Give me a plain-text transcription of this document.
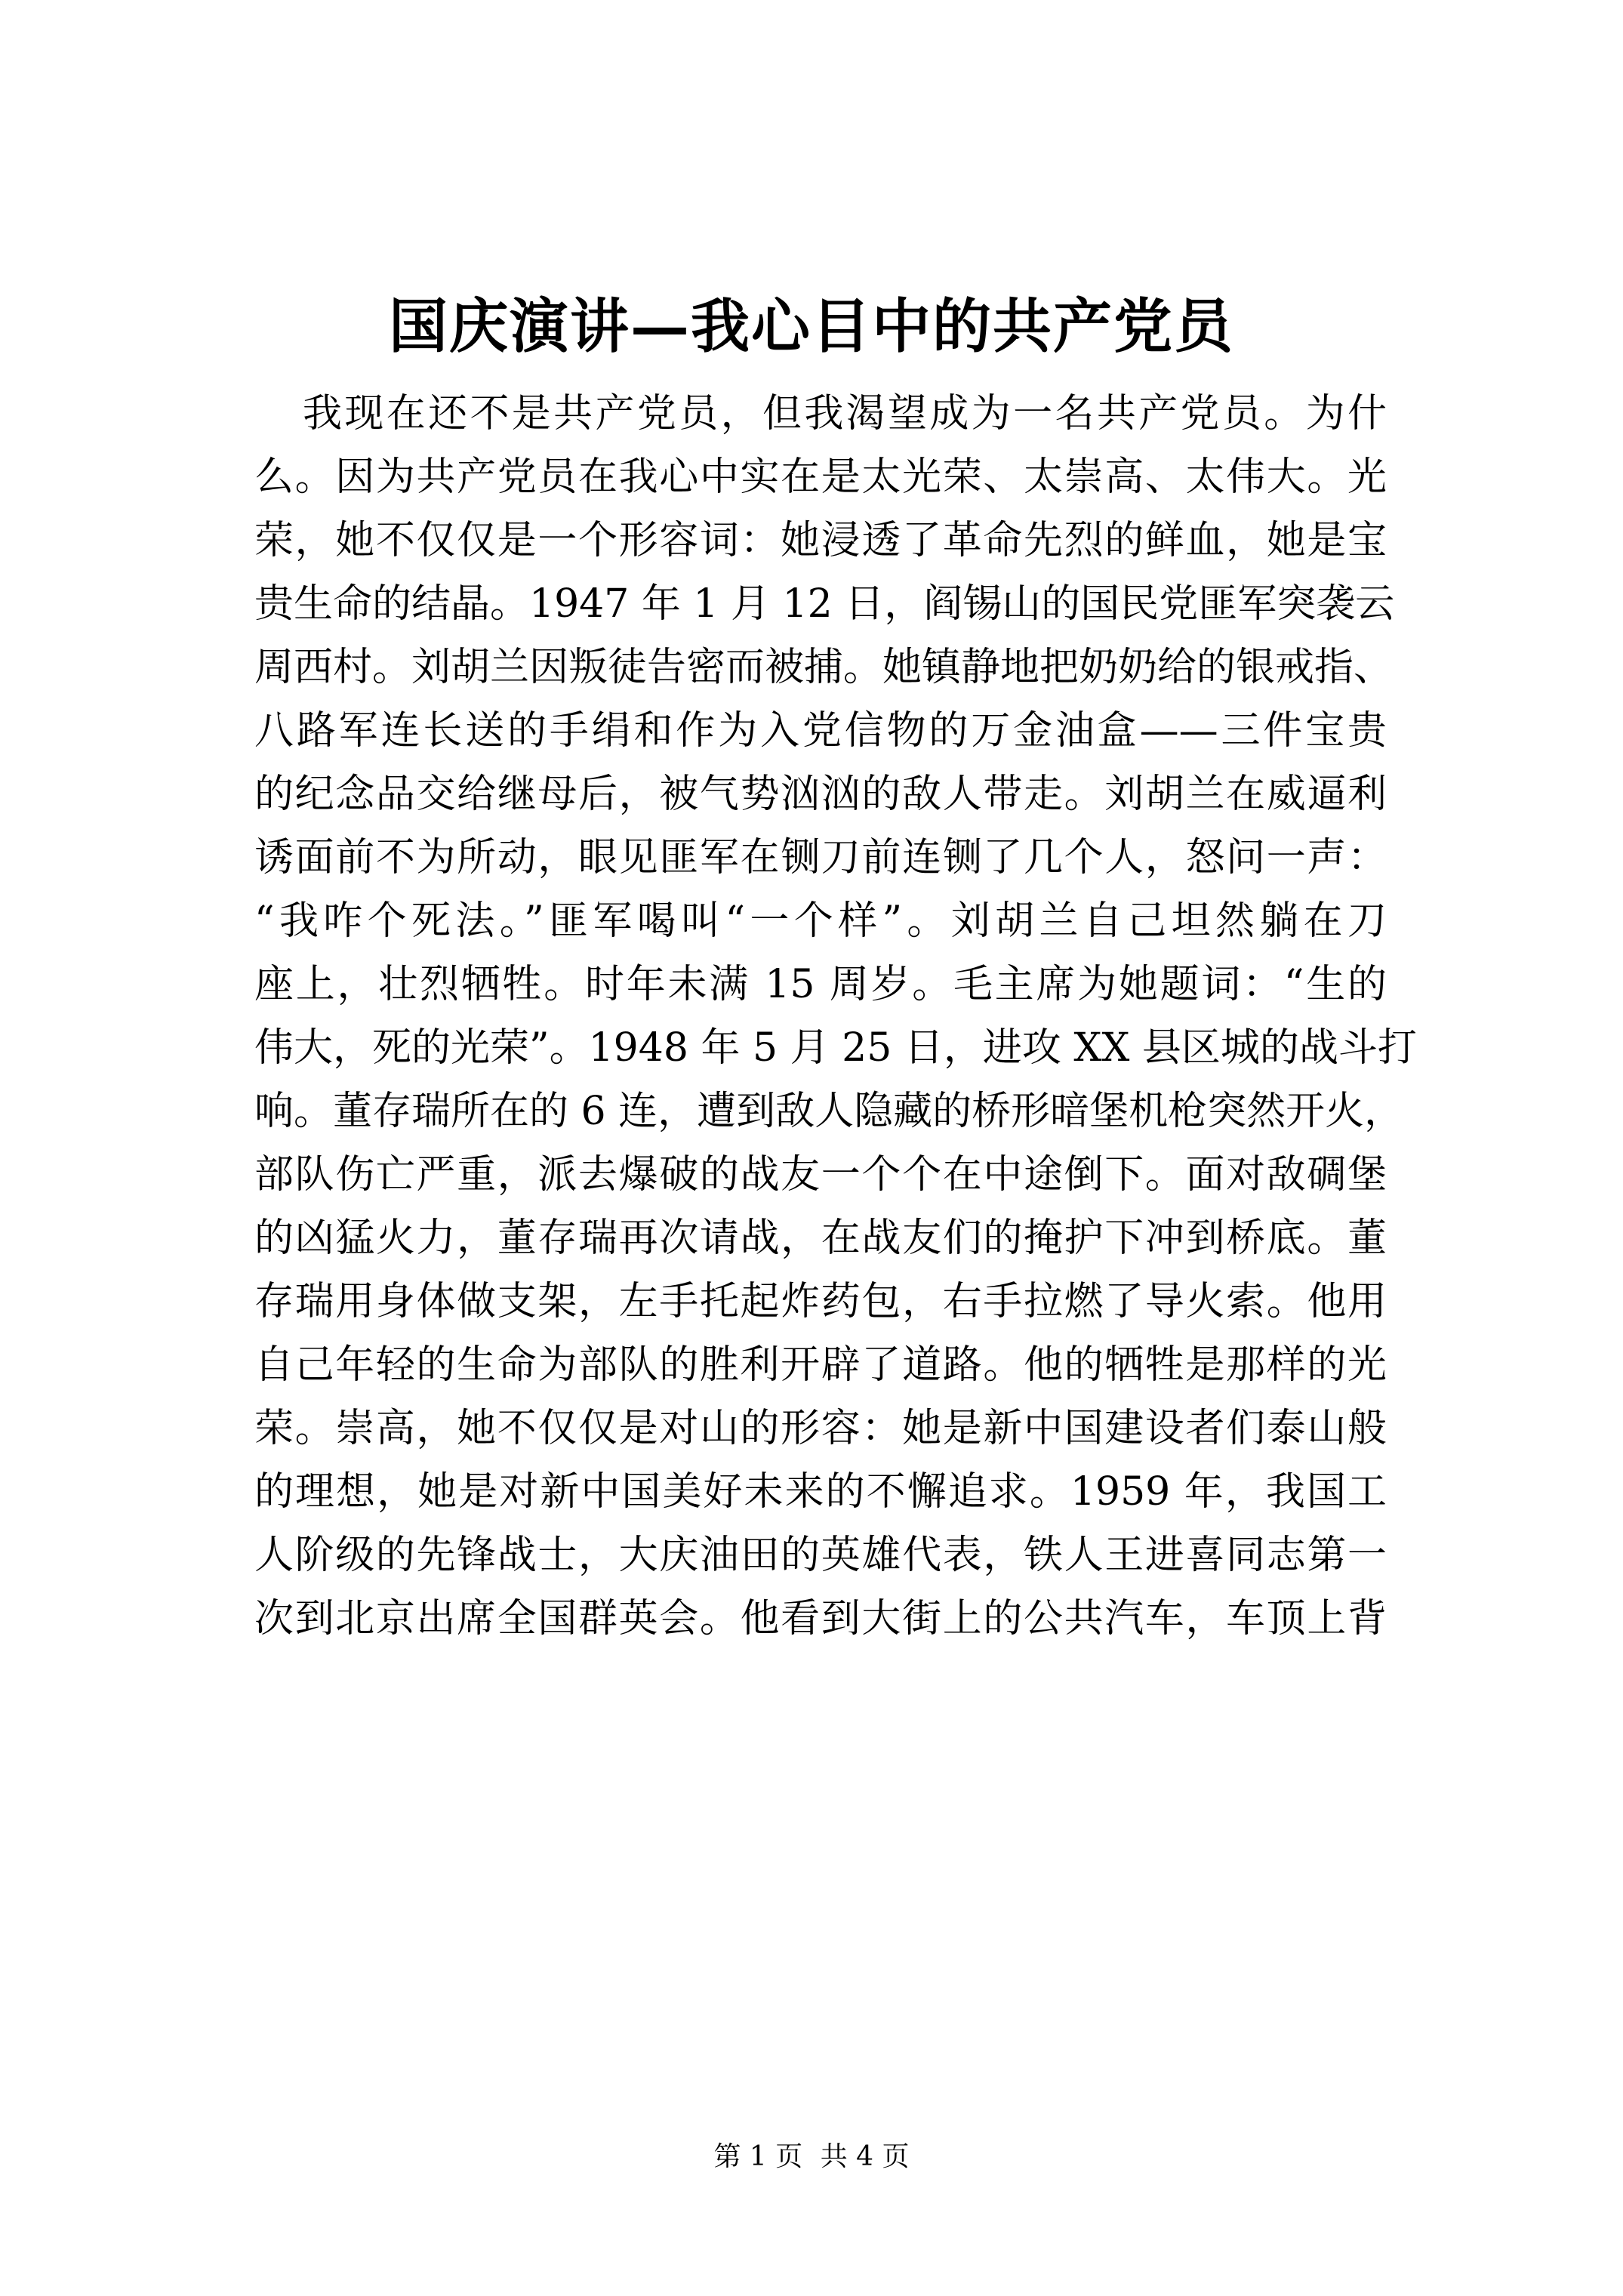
国庆演讲—我心目中的共产党员
我现在还不是共产党员，但我渴望成为一名共产党员。为什
么。因为共产党员在我心中实在是太光荣、太崇高、太伟大。光
荣，她不仅仅是一个形容词：她浸透了革命先烈的鲜血，她是宝
贵生命的结晶。1947 年 1 月 12 日，阎锡山的国民党匪军突袭云
周西村。刘胡兰因叛徒告密而被捕。她镇静地把奶奶给的银戒指、
八路军连长送的手绢和作为入党信物的万金油盒——三件宝贵
的纪念品交给继母后，被气势汹汹的敌人带走。刘胡兰在威逼利
诱面前不为所动，眼见匪军在铡刀前连铡了几个人，怒问一声：
“我咋个死法。”匪军喝叫“一个样”。刘胡兰自己坦然躺在刀
座上，壮烈牺牲。时年未满 15 周岁。毛主席为她题词：“生的
伟大，死的光荣”。1948 年 5 月 25 日，进攻 XX 县区城的战斗打
响。董存瑞所在的 6 连，遭到敌人隐藏的桥形暗堡机枪突然开火，
部队伤亡严重，派去爆破的战友一个个在中途倒下。面对敌碉堡
的凶猛火力，董存瑞再次请战，在战友们的掩护下冲到桥底。董
存瑞用身体做支架，左手托起炸药包，右手拉燃了导火索。他用
自己年轻的生命为部队的胜利开辟了道路。他的牺牲是那样的光
荣。崇高，她不仅仅是对山的形容：她是新中国建设者们泰山般
的理想，她是对新中国美好未来的不懈追求。1959 年，我国工
人阶级的先锋战士，大庆油田的英雄代表，铁人王进喜同志第一
次到北京出席全国群英会。他看到大街上的公共汽车，车顶上背
第 1 页 共 4 页
